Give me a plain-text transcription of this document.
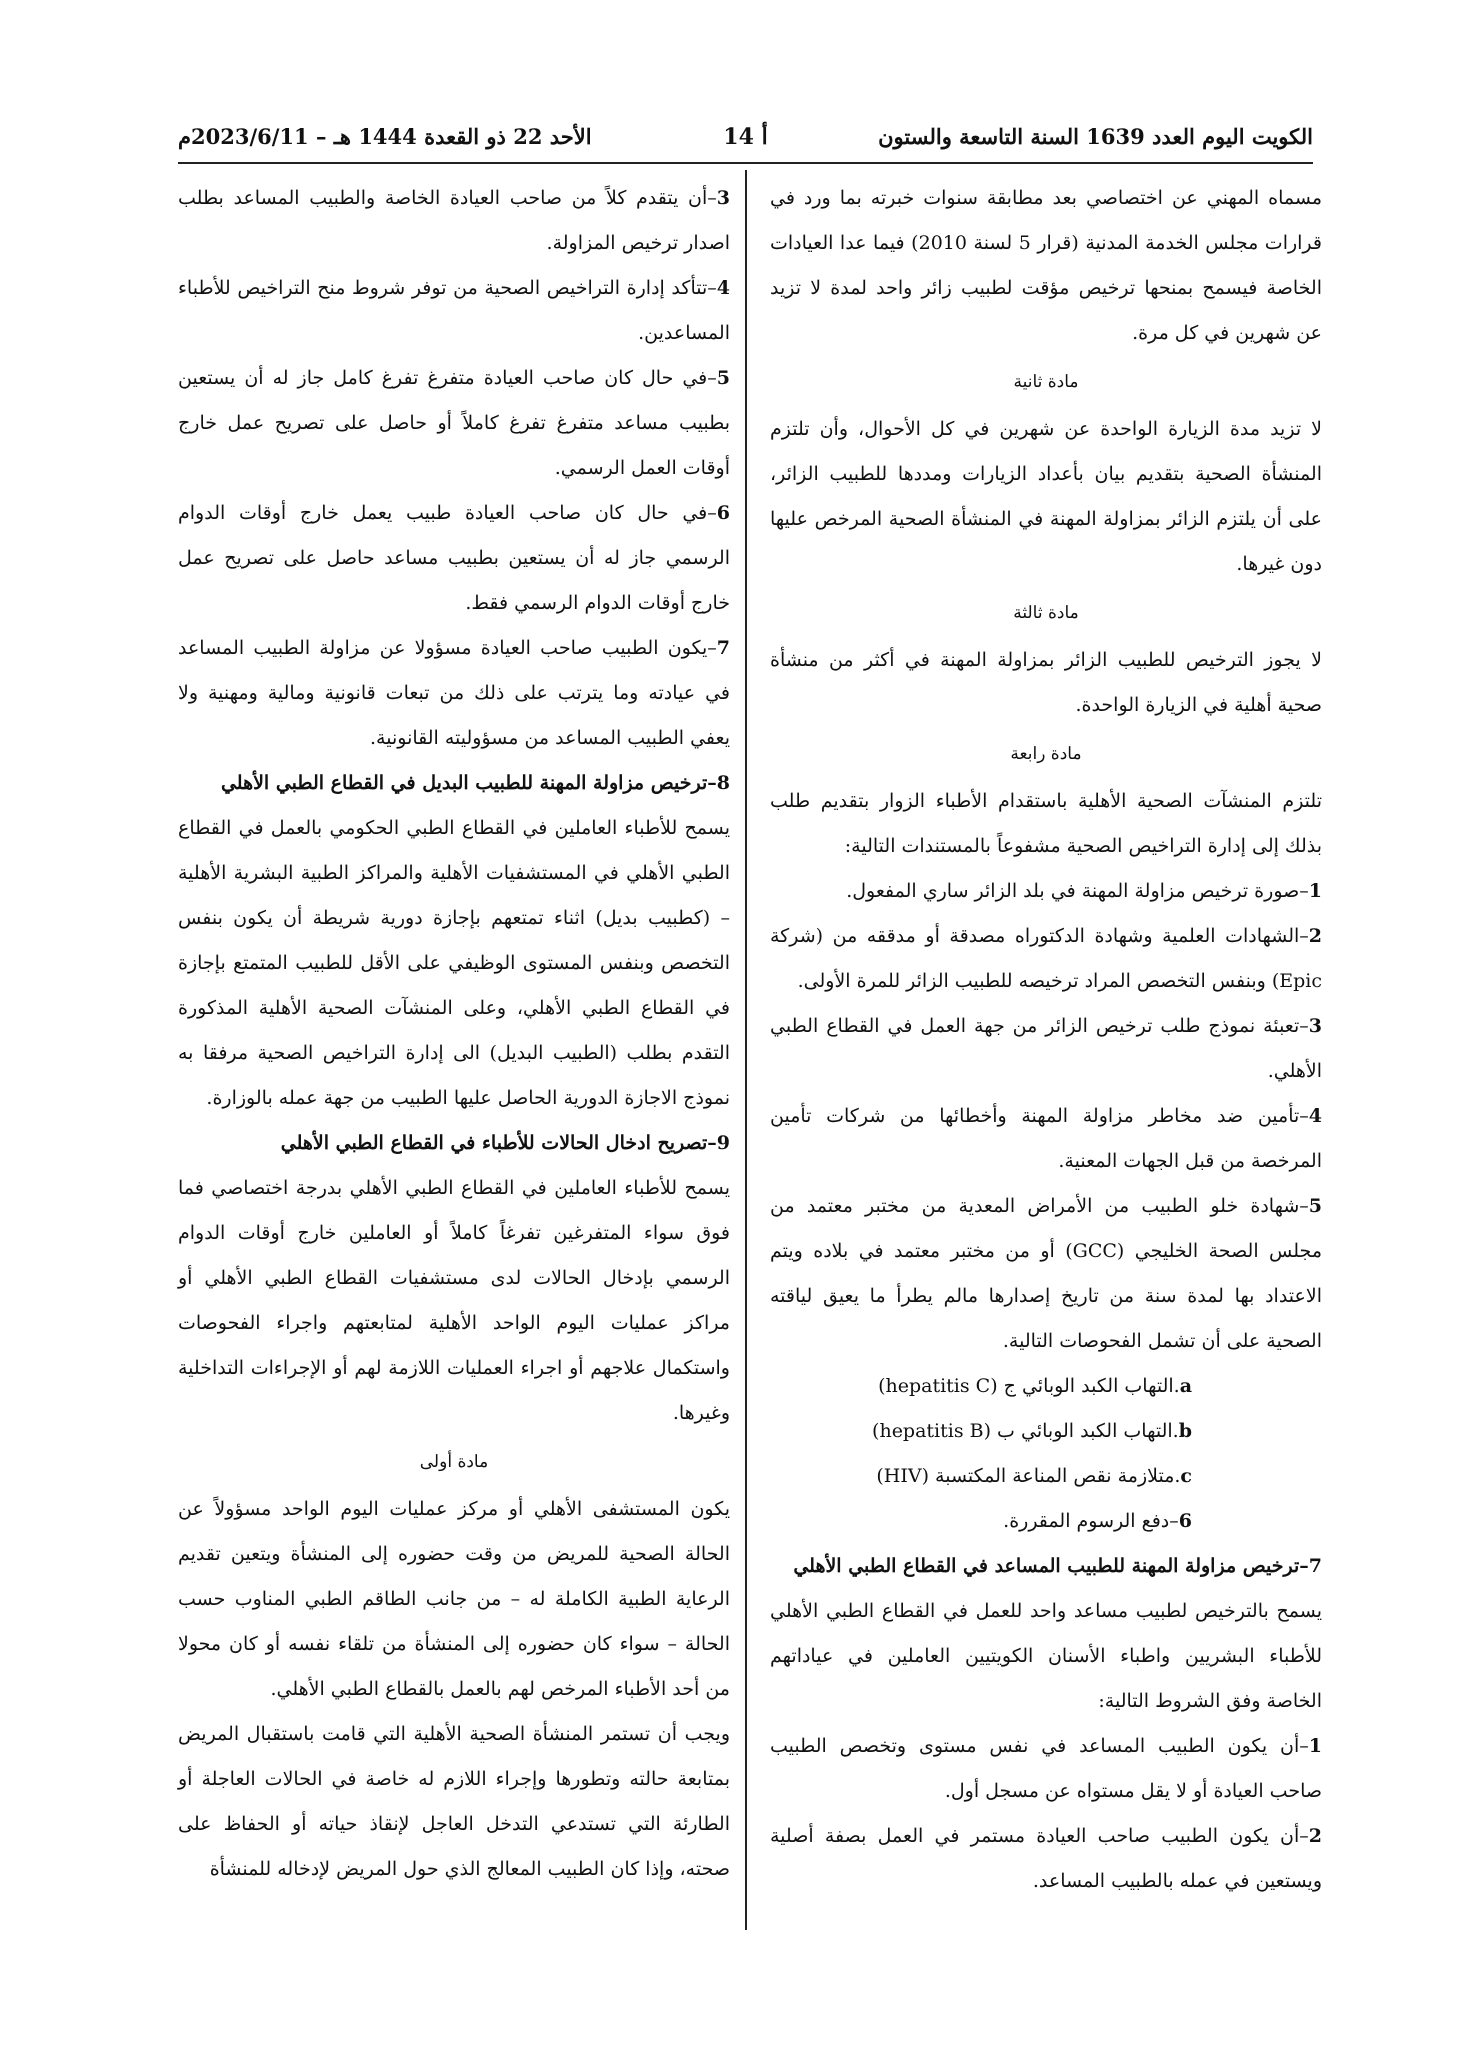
الكويت اليوم العدد 1639 السنة التاسعة والستون
أ 14
الأحد 22 ذو القعدة 1444 هـ – 2023/6/11م

مسماه المهني عن اختصاصي بعد مطابقة سنوات خبرته بما ورد في قرارات مجلس الخدمة المدنية (قرار 5 لسنة 2010) فيما عدا العيادات الخاصة فيسمح بمنحها ترخيص مؤقت لطبيب زائر واحد لمدة لا تزيد عن شهرين في كل مرة.

مادة ثانية

لا تزيد مدة الزيارة الواحدة عن شهرين في كل الأحوال، وأن تلتزم المنشأة الصحية بتقديم بيان بأعداد الزيارات ومددها للطبيب الزائر، على أن يلتزم الزائر بمزاولة المهنة في المنشأة الصحية المرخص عليها دون غيرها.

مادة ثالثة

لا يجوز الترخيص للطبيب الزائر بمزاولة المهنة في أكثر من منشأة صحية أهلية في الزيارة الواحدة.

مادة رابعة

تلتزم المنشآت الصحية الأهلية باستقدام الأطباء الزوار بتقديم طلب بذلك إلى إدارة التراخيص الصحية مشفوعاً بالمستندات التالية:

1–صورة ترخيص مزاولة المهنة في بلد الزائر ساري المفعول.

2–الشهادات العلمية وشهادة الدكتوراه مصدقة أو مدققه من (شركة Epic) وبنفس التخصص المراد ترخيصه للطبيب الزائر للمرة الأولى.

3–تعبئة نموذج طلب ترخيص الزائر من جهة العمل في القطاع الطبي الأهلي.

4–تأمين ضد مخاطر مزاولة المهنة وأخطائها من شركات تأمين المرخصة من قبل الجهات المعنية.

5–شهادة خلو الطبيب من الأمراض المعدية من مختبر معتمد من مجلس الصحة الخليجي (GCC) أو من مختبر معتمد في بلاده ويتم الاعتداد بها لمدة سنة من تاريخ إصدارها مالم يطرأ ما يعيق لياقته الصحية على أن تشمل الفحوصات التالية.

a.التهاب الكبد الوبائي ج (hepatitis C)

b.التهاب الكبد الوبائي ب (hepatitis B)

c.متلازمة نقص المناعة المكتسبة (HIV)

6–دفع الرسوم المقررة.

7–ترخيص مزاولة المهنة للطبيب المساعد في القطاع الطبي الأهلي

يسمح بالترخيص لطبيب مساعد واحد للعمل في القطاع الطبي الأهلي للأطباء البشريين واطباء الأسنان الكويتيين العاملين في عياداتهم الخاصة وفق الشروط التالية:

1–أن يكون الطبيب المساعد في نفس مستوى وتخصص الطبيب صاحب العيادة أو لا يقل مستواه عن مسجل أول.

2–أن يكون الطبيب صاحب العيادة مستمر في العمل بصفة أصلية ويستعين في عمله بالطبيب المساعد.

3–أن يتقدم كلاً من صاحب العيادة الخاصة والطبيب المساعد بطلب اصدار ترخيص المزاولة.

4–تتأكد إدارة التراخيص الصحية من توفر شروط منح التراخيص للأطباء المساعدين.

5–في حال كان صاحب العيادة متفرغ تفرغ كامل جاز له أن يستعين بطبيب مساعد متفرغ تفرغ كاملاً أو حاصل على تصريح عمل خارج أوقات العمل الرسمي.

6–في حال كان صاحب العيادة طبيب يعمل خارج أوقات الدوام الرسمي جاز له أن يستعين بطبيب مساعد حاصل على تصريح عمل خارج أوقات الدوام الرسمي فقط.

7–يكون الطبيب صاحب العيادة مسؤولا عن مزاولة الطبيب المساعد في عيادته وما يترتب على ذلك من تبعات قانونية ومالية ومهنية ولا يعفي الطبيب المساعد من مسؤوليته القانونية.

8–ترخيص مزاولة المهنة للطبيب البديل في القطاع الطبي الأهلي

يسمح للأطباء العاملين في القطاع الطبي الحكومي بالعمل في القطاع الطبي الأهلي في المستشفيات الأهلية والمراكز الطبية البشرية الأهلية – (كطبيب بديل) اثناء تمتعهم بإجازة دورية شريطة أن يكون بنفس التخصص وبنفس المستوى الوظيفي على الأقل للطبيب المتمتع بإجازة في القطاع الطبي الأهلي، وعلى المنشآت الصحية الأهلية المذكورة التقدم بطلب (الطبيب البديل) الى إدارة التراخيص الصحية مرفقا به نموذج الاجازة الدورية الحاصل عليها الطبيب من جهة عمله بالوزارة.

9–تصريح ادخال الحالات للأطباء في القطاع الطبي الأهلي

يسمح للأطباء العاملين في القطاع الطبي الأهلي بدرجة اختصاصي فما فوق سواء المتفرغين تفرغاً كاملاً أو العاملين خارج أوقات الدوام الرسمي بإدخال الحالات لدى مستشفيات القطاع الطبي الأهلي أو مراكز عمليات اليوم الواحد الأهلية لمتابعتهم واجراء الفحوصات واستكمال علاجهم أو اجراء العمليات اللازمة لهم أو الإجراءات التداخلية وغيرها.

مادة أولى

يكون المستشفى الأهلي أو مركز عمليات اليوم الواحد مسؤولاً عن الحالة الصحية للمريض من وقت حضوره إلى المنشأة ويتعين تقديم الرعاية الطبية الكاملة له – من جانب الطاقم الطبي المناوب حسب الحالة – سواء كان حضوره إلى المنشأة من تلقاء نفسه أو كان محولا من أحد الأطباء المرخص لهم بالعمل بالقطاع الطبي الأهلي.

ويجب أن تستمر المنشأة الصحية الأهلية التي قامت باستقبال المريض بمتابعة حالته وتطورها وإجراء اللازم له خاصة في الحالات العاجلة أو الطارئة التي تستدعي التدخل العاجل لإنقاذ حياته أو الحفاظ على صحته، وإذا كان الطبيب المعالج الذي حول المريض لإدخاله للمنشأة
